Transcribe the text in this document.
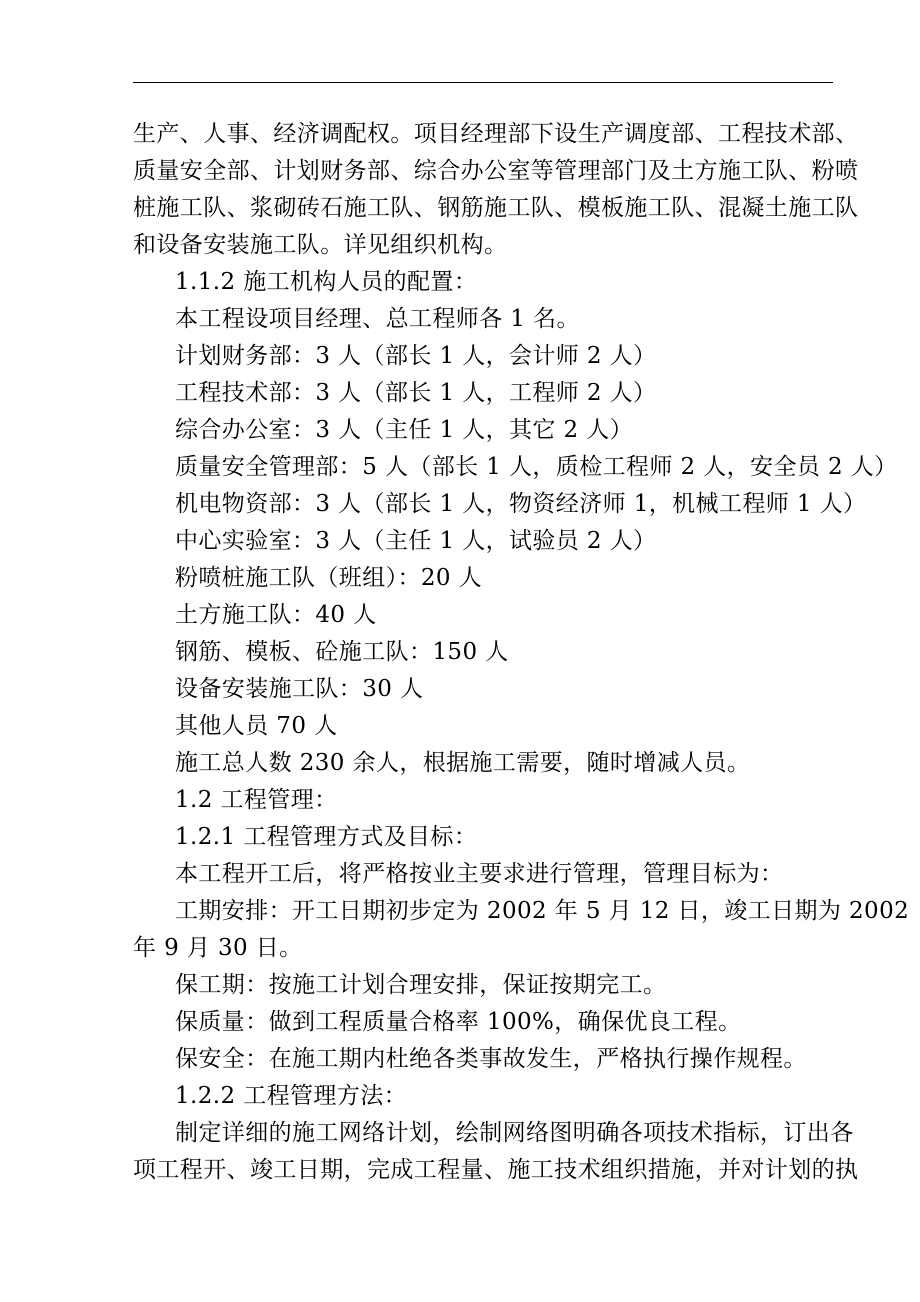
生产、人事、经济调配权。项目经理部下设生产调度部、工程技术部、
质量安全部、计划财务部、综合办公室等管理部门及土方施工队、粉喷
桩施工队、浆砌砖石施工队、钢筋施工队、模板施工队、混凝土施工队
和设备安装施工队。详见组织机构。
1.1.2 施工机构人员的配置：
本工程设项目经理、总工程师各 1 名。
计划财务部：3 人（部长 1 人，会计师 2 人）
工程技术部：3 人（部长 1 人，工程师 2 人）
综合办公室：3 人（主任 1 人，其它 2 人）
质量安全管理部：5 人（部长 1 人，质检工程师 2 人，安全员 2 人）
机电物资部：3 人（部长 1 人，物资经济师 1，机械工程师 1 人）
中心实验室：3 人（主任 1 人，试验员 2 人）
粉喷桩施工队（班组）：20 人
土方施工队：40 人
钢筋、模板、砼施工队：150 人
设备安装施工队：30 人
其他人员 70 人
施工总人数 230 余人，根据施工需要，随时增减人员。
1.2 工程管理：
1.2.1 工程管理方式及目标：
本工程开工后，将严格按业主要求进行管理，管理目标为：
工期安排：开工日期初步定为 2002 年 5 月 12 日，竣工日期为 2002
年 9 月 30 日。
保工期：按施工计划合理安排，保证按期完工。
保质量：做到工程质量合格率 100%，确保优良工程。
保安全：在施工期内杜绝各类事故发生，严格执行操作规程。
1.2.2 工程管理方法：
制定详细的施工网络计划，绘制网络图明确各项技术指标，订出各
项工程开、竣工日期，完成工程量、施工技术组织措施，并对计划的执
